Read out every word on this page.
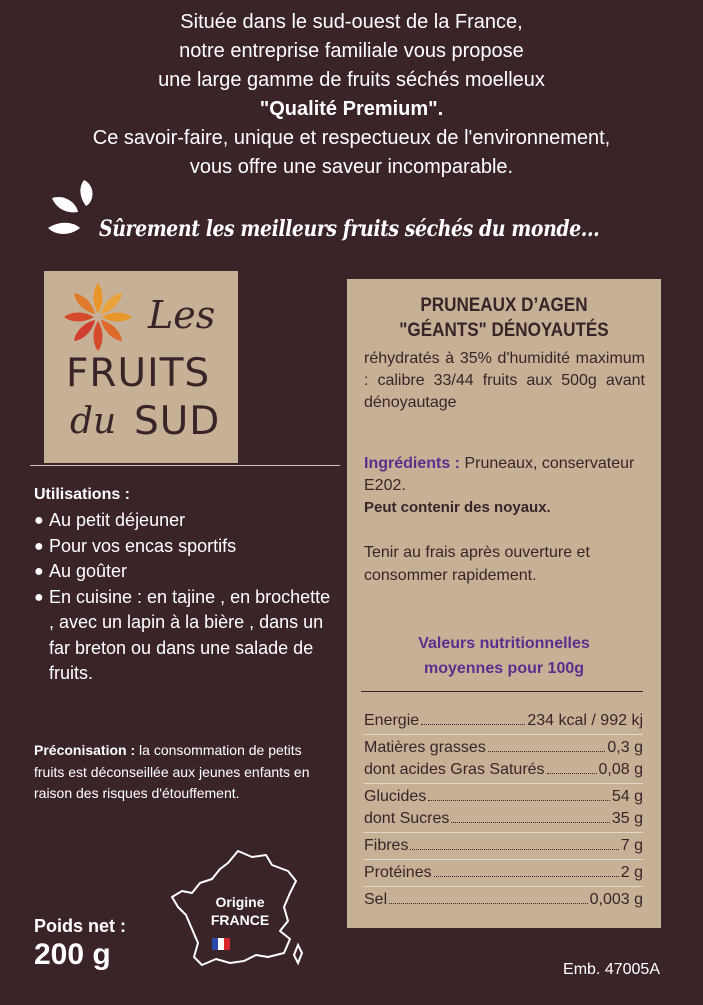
Située dans le sud-ouest de la France,
notre entreprise familiale vous propose
une large gamme de fruits séchés moelleux
"Qualité Premium".
Ce savoir-faire, unique et respectueux de l'environnement,
vous offre une saveur incomparable.
Sûrement les meilleurs fruits séchés du monde...
Les
FRUITS
du SUD
Utilisations :
● Au petit déjeuner
● Pour vos encas sportifs
● Au goûter
● En cuisine : en tajine , en brochette , avec un lapin à la bière , dans un far breton ou dans une salade de fruits.
Préconisation : la consommation de petits fruits est déconseillée aux jeunes enfants en raison des risques d'étouffement.
Origine
FRANCE
Poids net :
200 g	Emb. 47005A
PRUNEAUX D’AGEN
"GÉANTS" DÉNOYAUTÉS
réhydratés à 35% d'humidité maximum : calibre 33/44 fruits aux 500g avant dénoyautage
Ingrédients : Pruneaux, conservateur E202.
Peut contenir des noyaux.
Tenir au frais après ouverture et consommer rapidement.
Valeurs nutritionnelles
moyennes pour 100g
Energie	234 kcal / 992 kj
Matières grasses	0,3 g
dont acides Gras Saturés	0,08 g
Glucides	54 g
dont Sucres	35 g
Fibres	7 g
Protéines	2 g
Sel	0,003 g
